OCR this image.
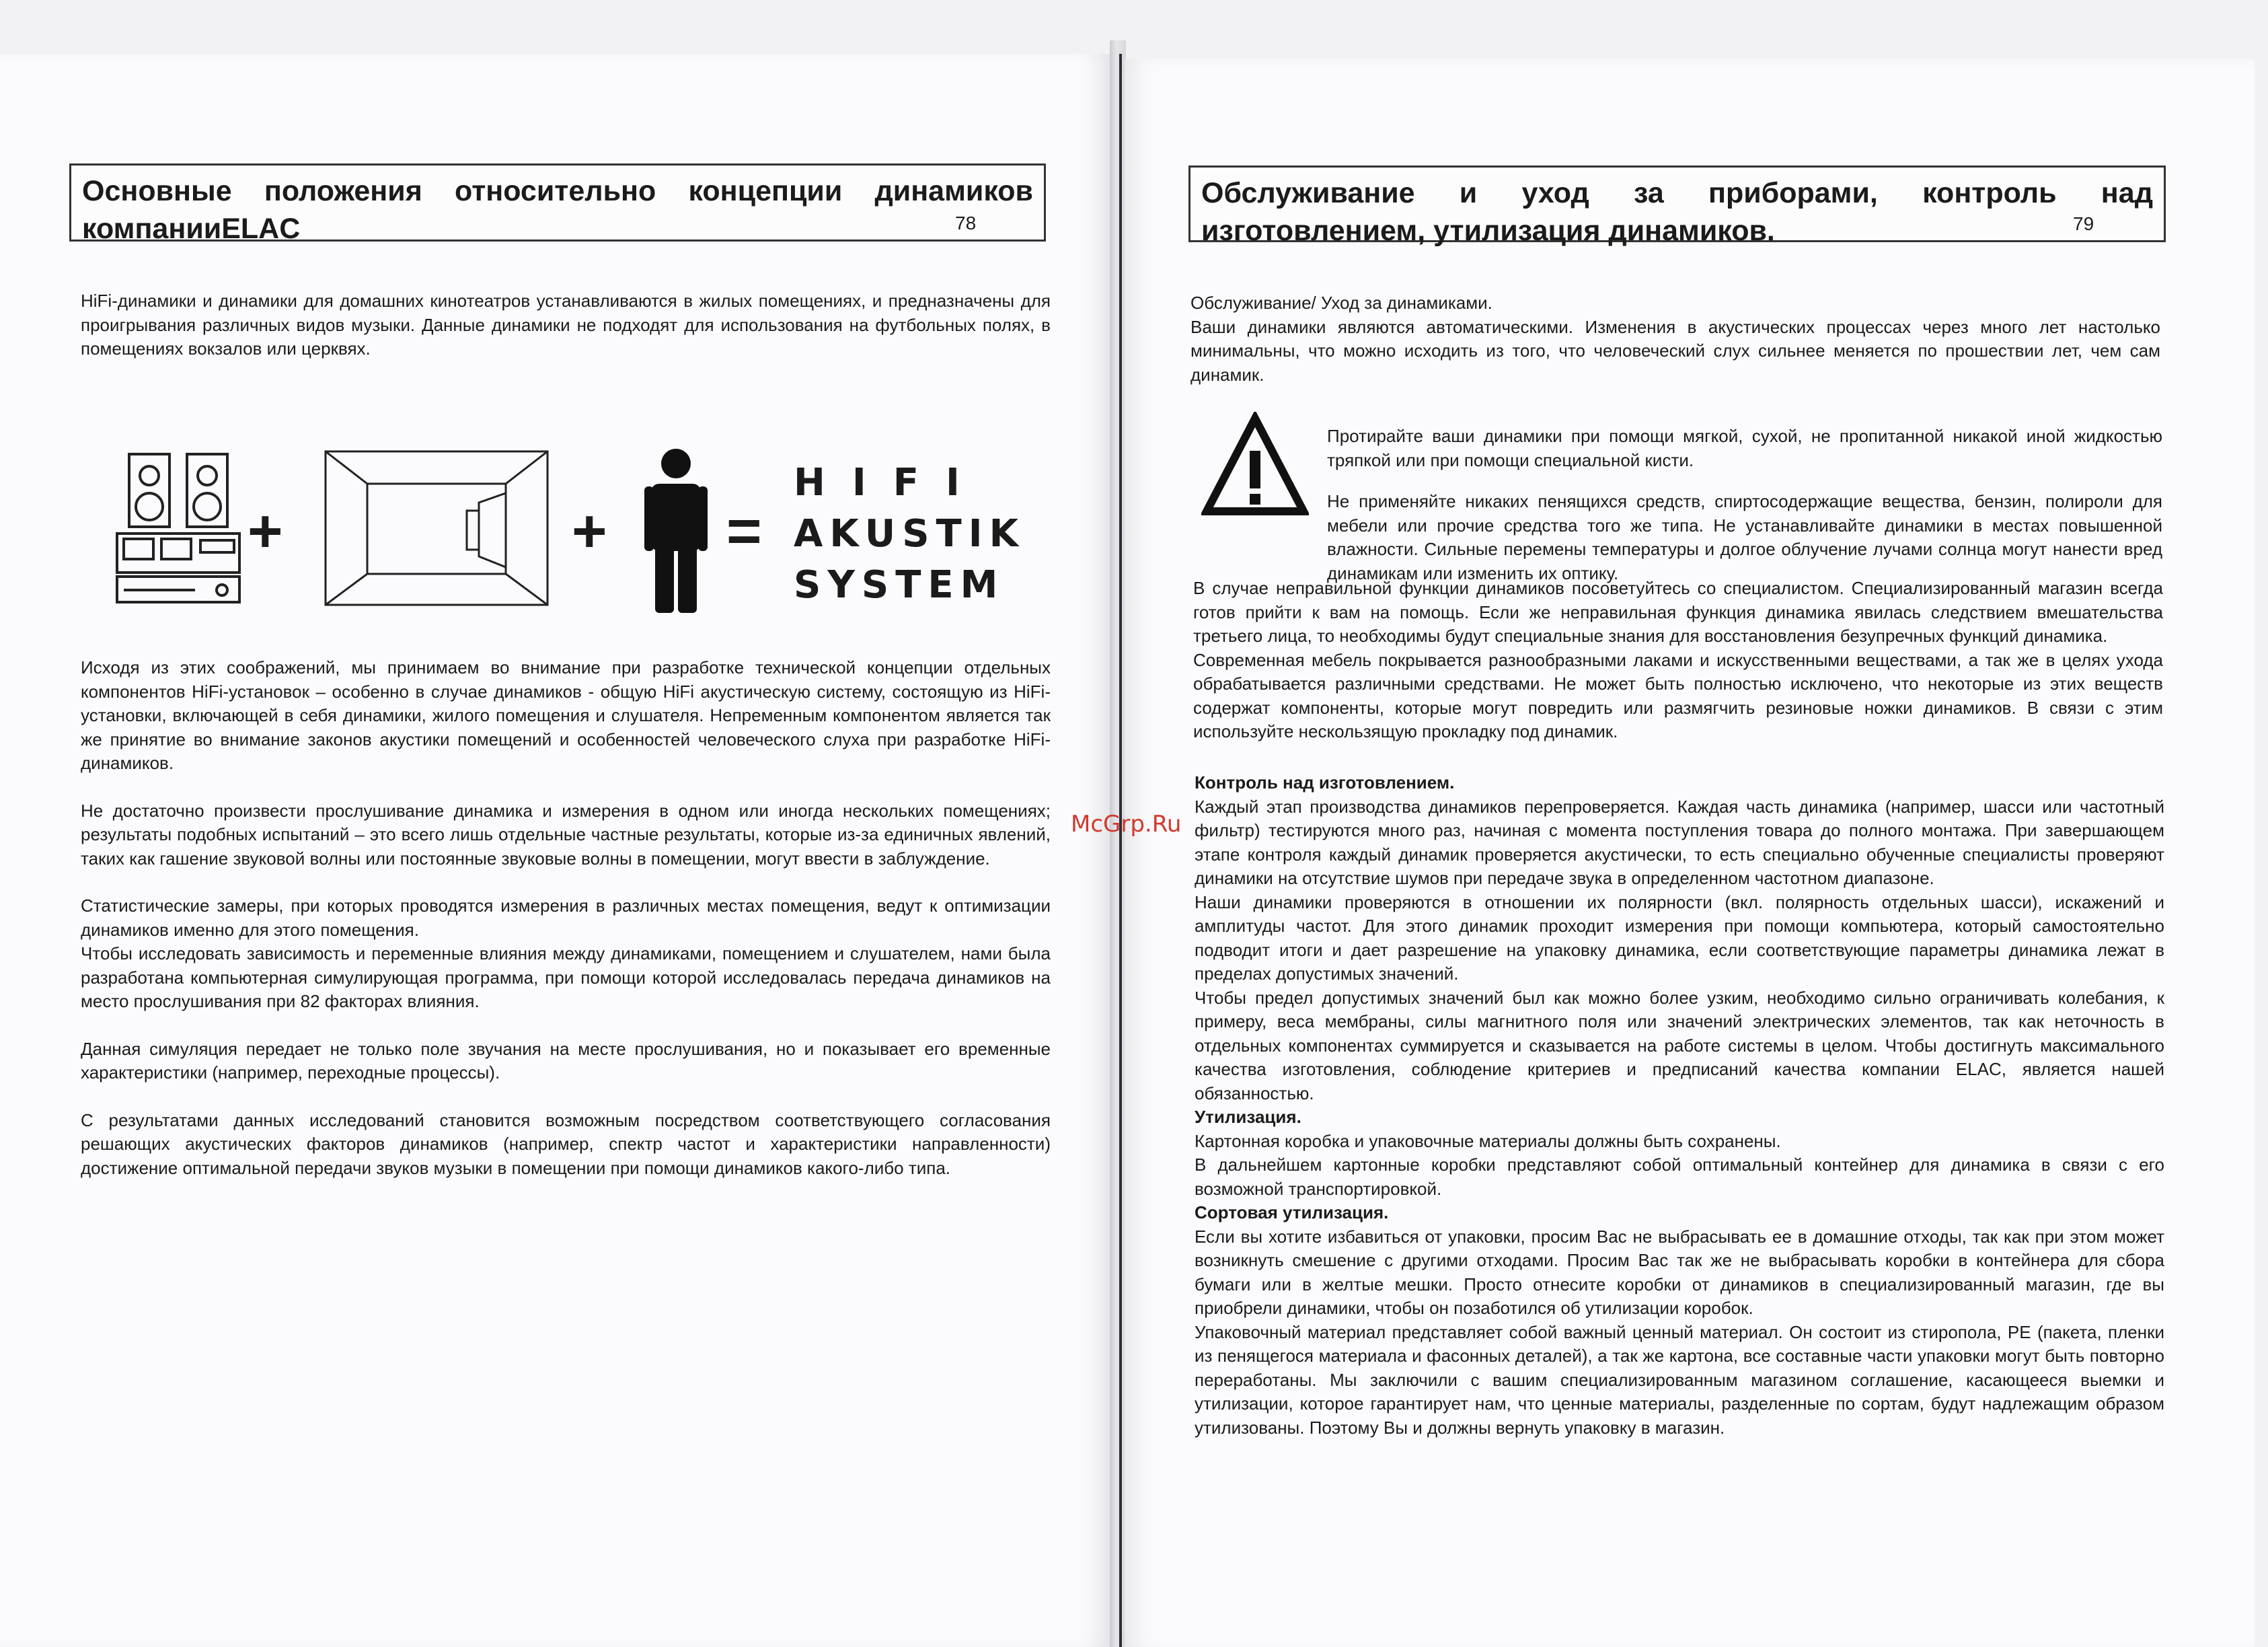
Основные положения относительно концепции динамиков компанииELAC	78

HiFi-динамики и динамики для домашних кинотеатров устанавливаются в жилых помещениях, и предназначены для проигрывания различных видов музыки. Данные динамики не подходят для использования на футбольных полях, в помещениях вокзалов или церквях.

+	+ =
HIFI
AKUSTIK
SYSTEM

Исходя из этих соображений, мы принимаем во внимание при разработке технической концепции отдельных компонентов HiFi-установок – особенно в случае динамиков - общую HiFi акустическую систему, состоящую из HiFi-установки, включающей в себя динамики, жилого помещения и слушателя. Непременным компонентом является так же принятие во внимание законов акустики помещений и особенностей человеческого слуха при разработке HiFi-динамиков.

Не достаточно произвести прослушивание динамика и измерения в одном или иногда нескольких помещениях; результаты подобных испытаний – это всего лишь отдельные частные результаты, которые из-за единичных явлений, таких как гашение звуковой волны или постоянные звуковые волны в помещении, могут ввести в заблуждение.

Статистические замеры, при которых проводятся измерения в различных местах помещения, ведут к оптимизации динамиков именно для этого помещения.

Чтобы исследовать зависимость и переменные влияния между динамиками, помещением и слушателем, нами была разработана компьютерная симулирующая программа, при помощи которой исследовалась передача динамиков на место прослушивания при 82 факторах влияния.

Данная симуляция передает не только поле звучания на месте прослушивания, но и показывает его временные характеристики (например, переходные процессы).

С результатами данных исследований становится возможным посредством соответствующего согласования решающих акустических факторов динамиков (например, спектр частот и характеристики направленности) достижение оптимальной передачи звуков музыки в помещении при помощи динамиков какого-либо типа.

Обслуживание и уход за приборами, контроль над изготовлением, утилизация динамиков.	79

Обслуживание/ Уход за динамиками.

Ваши динамики являются автоматическими. Изменения в акустических процессах через много лет настолько минимальны, что можно исходить из того, что человеческий слух сильнее меняется по прошествии лет, чем сам динамик.

Протирайте ваши динамики при помощи мягкой, сухой, не пропитанной никакой иной жидкостью тряпкой или при помощи специальной кисти.

Не применяйте никаких пенящихся средств, спиртосодержащие вещества, бензин, полироли для мебели или прочие средства того же типа. Не устанавливайте динамики в местах повышенной влажности. Сильные перемены температуры и долгое облучение лучами солнца могут нанести вред динамикам или изменить их оптику.

В случае неправильной функции динамиков посоветуйтесь со специалистом. Специализированный магазин всегда готов прийти к вам на помощь. Если же неправильная функция динамика явилась следствием вмешательства третьего лица, то необходимы будут специальные знания для восстановления безупречных функций динамика.

Современная мебель покрывается разнообразными лаками и искусственными веществами, а так же в целях ухода обрабатывается различными средствами. Не может быть полностью исключено, что некоторые из этих веществ содержат компоненты, которые могут повредить или размягчить резиновые ножки динамиков. В связи с этим используйте нескользящую прокладку под динамик.

Контроль над изготовлением.

Каждый этап производства динамиков перепроверяется. Каждая часть динамика (например, шасси или частотный фильтр) тестируются много раз, начиная с момента поступления товара до полного монтажа. При завершающем этапе контроля каждый динамик проверяется акустически, то есть специально обученные специалисты проверяют динамики на отсутствие шумов при передаче звука в определенном частотном диапазоне.

Наши динамики проверяются в отношении их полярности (вкл. полярность отдельных шасси), искажений и амплитуды частот. Для этого динамик проходит измерения при помощи компьютера, который самостоятельно подводит итоги и дает разрешение на упаковку динамика, если соответствующие параметры динамика лежат в пределах допустимых значений.

Чтобы предел допустимых значений был как можно более узким, необходимо сильно ограничивать колебания, к примеру, веса мембраны, силы магнитного поля или значений электрических элементов, так как неточность в отдельных компонентах суммируется и сказывается на работе системы в целом. Чтобы достигнуть максимального качества изготовления, соблюдение критериев и предписаний качества компании ELAC, является нашей обязанностью.

Утилизация.

Картонная коробка и упаковочные материалы должны быть сохранены.

В дальнейшем картонные коробки представляют собой оптимальный контейнер для динамика в связи с его возможной транспортировкой.

Сортовая утилизация.

Если вы хотите избавиться от упаковки, просим Вас не выбрасывать ее в домашние отходы, так как при этом может возникнуть смешение с другими отходами. Просим Вас так же не выбрасывать коробки в контейнера для сбора бумаги или в желтые мешки. Просто отнесите коробки от динамиков в специализированный магазин, где вы приобрели динамики, чтобы он позаботился об утилизации коробок.

Упаковочный материал представляет собой важный ценный материал. Он состоит из стирополa, PE (пакета, пленки из пенящегося материала и фасонных деталей), а так же картона, все составные части упаковки могут быть повторно переработаны. Мы заключили с вашим специализированным магазином соглашение, касающееся выемки и утилизации, которое гарантирует нам, что ценные материалы, разделенные по сортам, будут надлежащим образом утилизованы. Поэтому Вы и должны вернуть упаковку в магазин.

McGrp.Ru
